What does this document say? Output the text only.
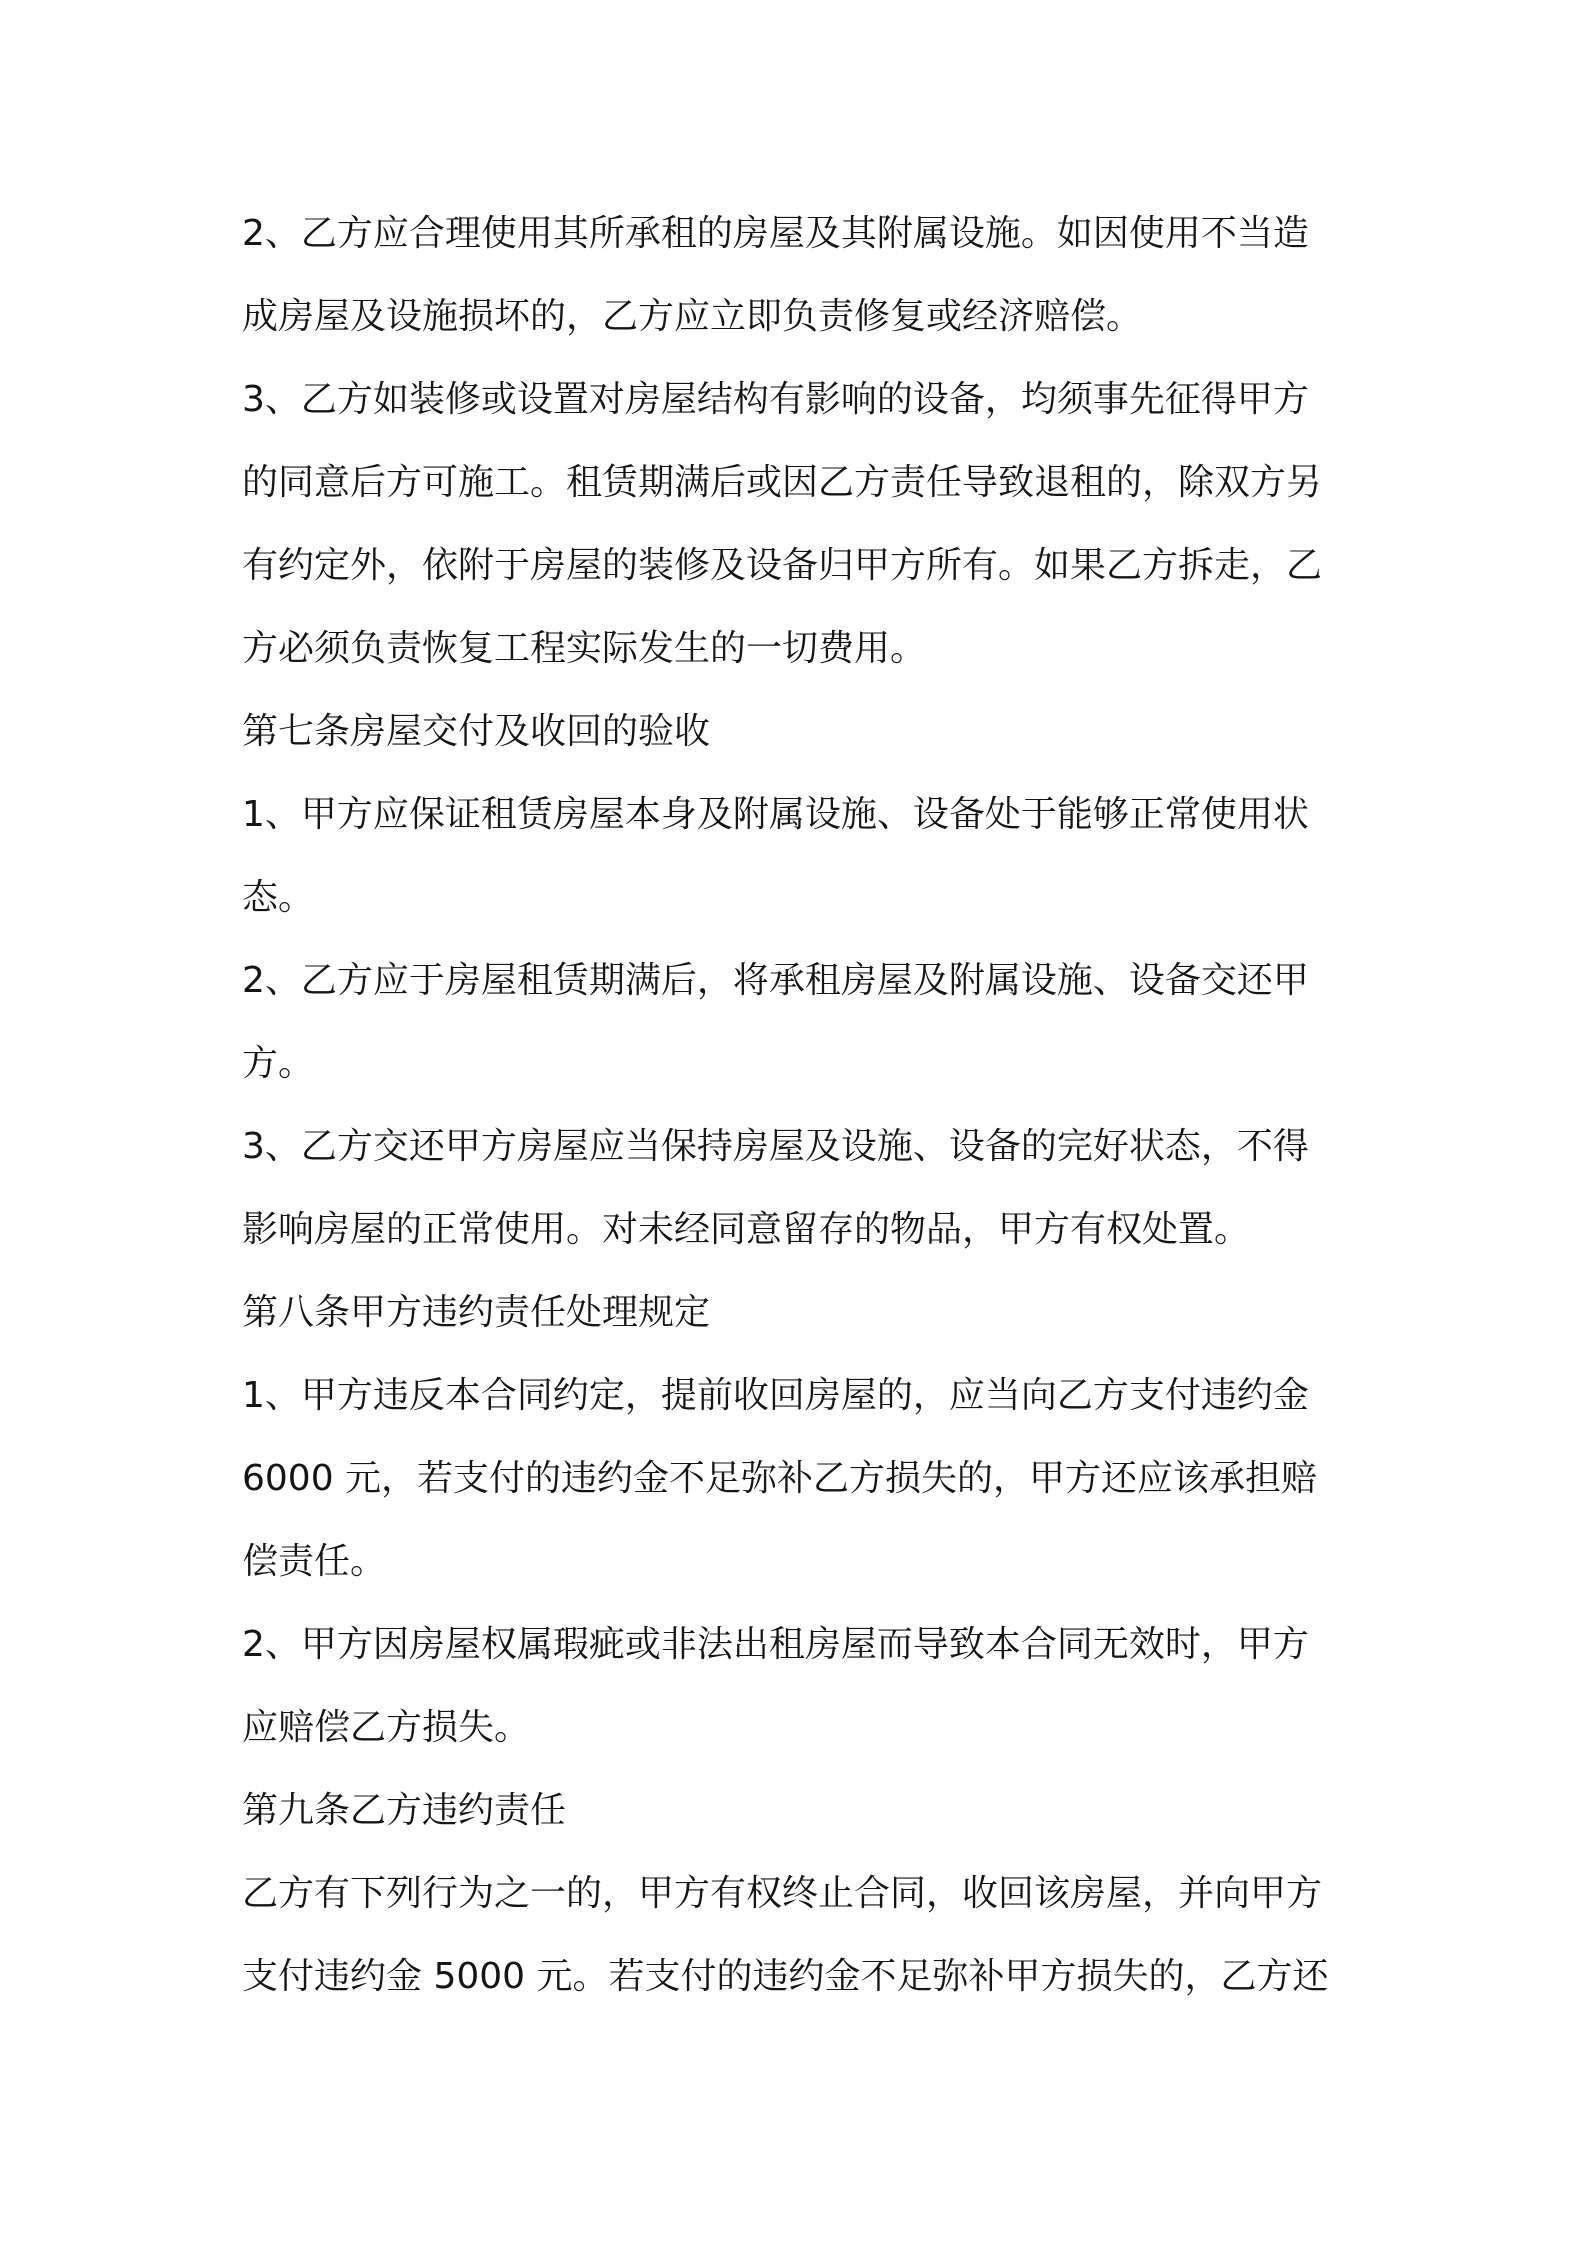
2、乙方应合理使用其所承租的房屋及其附属设施。如因使用不当造

成房屋及设施损坏的，乙方应立即负责修复或经济赔偿。

3、乙方如装修或设置对房屋结构有影响的设备，均须事先征得甲方

的同意后方可施工。租赁期满后或因乙方责任导致退租的，除双方另

有约定外，依附于房屋的装修及设备归甲方所有。如果乙方拆走，乙

方必须负责恢复工程实际发生的一切费用。

第七条房屋交付及收回的验收

1、甲方应保证租赁房屋本身及附属设施、设备处于能够正常使用状

态。

2、乙方应于房屋租赁期满后，将承租房屋及附属设施、设备交还甲

方。

3、乙方交还甲方房屋应当保持房屋及设施、设备的完好状态，不得

影响房屋的正常使用。对未经同意留存的物品，甲方有权处置。

第八条甲方违约责任处理规定

1、甲方违反本合同约定，提前收回房屋的，应当向乙方支付违约金

6000 元，若支付的违约金不足弥补乙方损失的，甲方还应该承担赔

偿责任。

2、甲方因房屋权属瑕疵或非法出租房屋而导致本合同无效时，甲方

应赔偿乙方损失。

第九条乙方违约责任

乙方有下列行为之一的，甲方有权终止合同，收回该房屋，并向甲方

支付违约金 5000 元。若支付的违约金不足弥补甲方损失的，乙方还
